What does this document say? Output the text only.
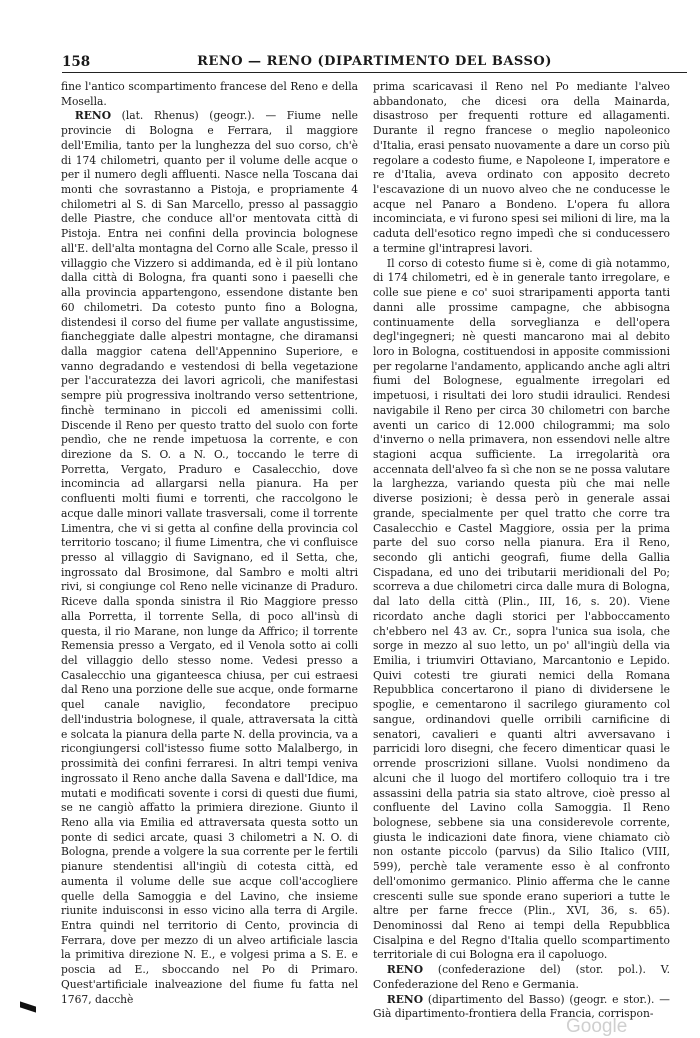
158	RENO — RENO (DIPARTIMENTO DEL BASSO)

fine l'antico scompartimento francese del Reno e della Mosella.

RENO (lat. Rhenus) (geogr.). — Fiume nelle provincie di Bologna e Ferrara, il maggiore dell'Emilia, tanto per la lunghezza del suo corso, ch'è di 174 chilometri, quanto per il volume delle acque o per il numero degli affluenti. Nasce nella Toscana dai monti che sovrastanno a Pistoja, e propriamente 4 chilometri al S. di San Marcello, presso al passaggio delle Piastre, che conduce all'or mentovata città di Pistoja. Entra nei confini della provincia bolognese all'E. dell'alta montagna del Corno alle Scale, presso il villaggio che Vizzero si addimanda, ed è il più lontano dalla città di Bologna, fra quanti sono i paeselli che alla provincia appartengono, essendone distante ben 60 chilometri. Da cotesto punto fino a Bologna, distendesi il corso del fiume per vallate angustissime, fiancheggiate dalle alpestri montagne, che diramansi dalla maggior catena dell'Appennino Superiore, e vanno degradando e vestendosi di bella vegetazione per l'accuratezza dei lavori agricoli, che manifestasi sempre più progressiva inoltrando verso settentrione, finchè terminano in piccoli ed amenissimi colli. Discende il Reno per questo tratto del suolo con forte pendìo, che ne rende impetuosa la corrente, e con direzione da S. O. a N. O., toccando le terre di Porretta, Vergato, Praduro e Casalecchio, dove incomincia ad allargarsi nella pianura. Ha per confluenti molti fiumi e torrenti, che raccolgono le acque dalle minori vallate trasversali, come il torrente Limentra, che vi si getta al confine della provincia col territorio toscano; il fiume Limentra, che vi confluisce presso al villaggio di Savignano, ed il Setta, che, ingrossato dal Brosimone, dal Sambro e molti altri rivi, si congiunge col Reno nelle vicinanze di Praduro. Riceve dalla sponda sinistra il Rio Maggiore presso alla Porretta, il torrente Sella, di poco all'insù di questa, il rio Marane, non lunge da Affrico; il torrente Remensia presso a Vergato, ed il Venola sotto ai colli del villaggio dello stesso nome. Vedesi presso a Casalecchio una giganteesca chiusa, per cui estraesi dal Reno una porzione delle sue acque, onde formarne quel canale naviglio, fecondatore precipuo dell'industria bolognese, il quale, attraversata la città e solcata la pianura della parte N. della provincia, va a ricongiungersi coll'istesso fiume sotto Malalbergo, in prossimità dei confini ferraresi. In altri tempi veniva ingrossato il Reno anche dalla Savena e dall'Idice, ma mutati e modificati sovente i corsi di questi due fiumi, se ne cangiò affatto la primiera direzione. Giunto il Reno alla via Emilia ed attraversata questa sotto un ponte di sedici arcate, quasi 3 chilometri a N. O. di Bologna, prende a volgere la sua corrente per le fertili pianure stendentisi all'ingiù di cotesta città, ed aumenta il volume delle sue acque coll'accogliere quelle della Samoggia e del Lavino, che insieme riunite induisconsi in esso vicino alla terra di Argile. Entra quindi nel territorio di Cento, provincia di Ferrara, dove per mezzo di un alveo artificiale lascia la primitiva direzione N. E., e volgesi prima a S. E. e poscia ad E., sboccando nel Po di Primaro. Quest'artificiale inalveazione del fiume fu fatta nel 1767, dacchè

prima scaricavasi il Reno nel Po mediante l'alveo abbandonato, che dicesi ora della Mainarda, disastroso per frequenti rotture ed allagamenti. Durante il regno francese o meglio napoleonico d'Italia, erasi pensato nuovamente a dare un corso più regolare a codesto fiume, e Napoleone I, imperatore e re d'Italia, aveva ordinato con apposito decreto l'escavazione di un nuovo alveo che ne conducesse le acque nel Panaro a Bondeno. L'opera fu allora incominciata, e vi furono spesi sei milioni di lire, ma la caduta dell'esotico regno impedì che si conducessero a termine gl'intrapresi lavori.

Il corso di cotesto fiume si è, come di già notammo, di 174 chilometri, ed è in generale tanto irregolare, e colle sue piene e co' suoi straripamenti apporta tanti danni alle prossime campagne, che abbisogna continuamente della sorveglianza e dell'opera degl'ingegneri; nè questi mancarono mai al debito loro in Bologna, costituendosi in apposite commissioni per regolarne l'andamento, applicando anche agli altri fiumi del Bolognese, egualmente irregolari ed impetuosi, i risultati dei loro studii idraulici. Rendesi navigabile il Reno per circa 30 chilometri con barche aventi un carico di 12.000 chilogrammi; ma solo d'inverno o nella primavera, non essendovi nelle altre stagioni acqua sufficiente. La irregolarità ora accennata dell'alveo fa sì che non se ne possa valutare la larghezza, variando questa più che mai nelle diverse posizioni; è dessa però in generale assai grande, specialmente per quel tratto che corre tra Casalecchio e Castel Maggiore, ossia per la prima parte del suo corso nella pianura. Era il Reno, secondo gli antichi geografi, fiume della Gallia Cispadana, ed uno dei tributarii meridionali del Po; scorreva a due chilometri circa dalle mura di Bologna, dal lato della città (Plin., III, 16, s. 20). Viene ricordato anche dagli storici per l'abboccamento ch'ebbero nel 43 av. Cr., sopra l'unica sua isola, che sorge in mezzo al suo letto, un po' all'ingiù della via Emilia, i triumviri Ottaviano, Marcantonio e Lepido. Quivi cotesti tre giurati nemici della Romana Repubblica concertarono il piano di dividersene le spoglie, e cementarono il sacrilego giuramento col sangue, ordinandovi quelle orribili carnificine di senatori, cavalieri e quanti altri avversavano i parricidi loro disegni, che fecero dimenticar quasi le orrende proscrizioni sillane. Vuolsi nondimeno da alcuni che il luogo del mortifero colloquio tra i tre assassini della patria sia stato altrove, cioè presso al confluente del Lavino colla Samoggia. Il Reno bolognese, sebbene sia una considerevole corrente, giusta le indicazioni date finora, viene chiamato ciò non ostante piccolo (parvus) da Silio Italico (VIII, 599), perchè tale veramente esso è al confronto dell'omonimo germanico. Plinio afferma che le canne crescenti sulle sue sponde erano superiori a tutte le altre per farne frecce (Plin., XVI, 36, s. 65). Denominossi dal Reno ai tempi della Repubblica Cisalpina e del Regno d'Italia quello scompartimento territoriale di cui Bologna era il capoluogo.

RENO (confederazione del) (stor. pol.). V. Confederazione del Reno e Germania.

RENO (dipartimento del Basso) (geogr. e stor.). — Già dipartimento-frontiera della Francia, corrispon-

Google
